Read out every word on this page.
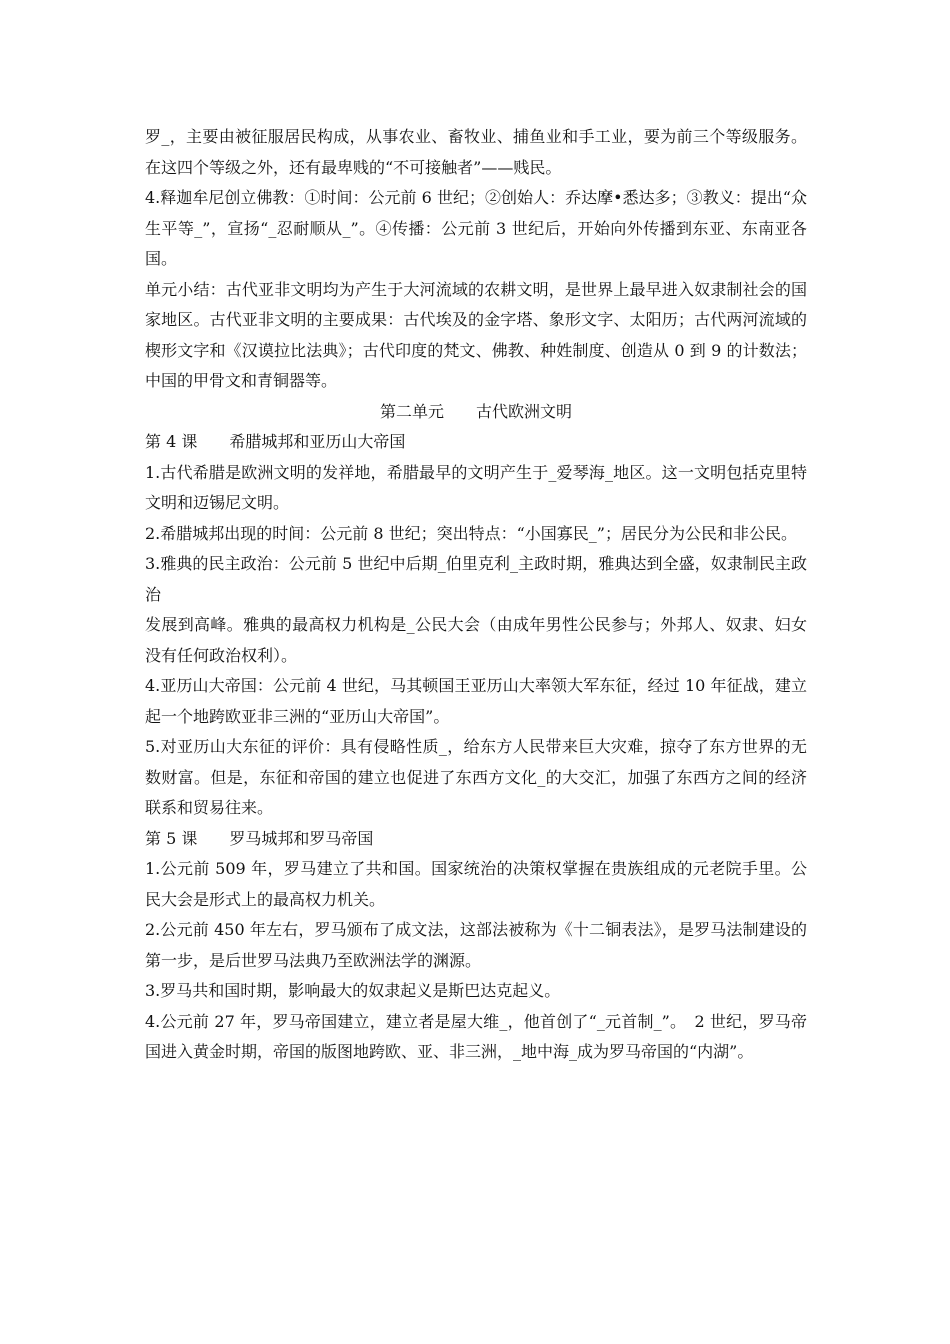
罗_，主要由被征服居民构成，从事农业、畜牧业、捕鱼业和手工业，要为前三个等级服务。在这四个等级之外，还有最卑贱的“不可接触者”——贱民。

4.释迦牟尼创立佛教：①时间：公元前 6 世纪；②创始人：乔达摩•悉达多；③教义：提出“众生平等_”，宣扬“_忍耐顺从_”。④传播：公元前 3 世纪后，开始向外传播到东亚、东南亚各国。

单元小结：古代亚非文明均为产生于大河流域的农耕文明，是世界上最早进入奴隶制社会的国家地区。古代亚非文明的主要成果：古代埃及的金字塔、象形文字、太阳历；古代两河流域的楔形文字和《汉谟拉比法典》；古代印度的梵文、佛教、种姓制度、创造从 0 到 9 的计数法；中国的甲骨文和青铜器等。

第二单元　　古代欧洲文明

第 4 课　　希腊城邦和亚历山大帝国

1.古代希腊是欧洲文明的发祥地，希腊最早的文明产生于_爱琴海_地区。这一文明包括克里特文明和迈锡尼文明。

2.希腊城邦出现的时间：公元前 8 世纪；突出特点：“小国寡民_”；居民分为公民和非公民。

3.雅典的民主政治：公元前 5 世纪中后期_伯里克利_主政时期，雅典达到全盛，奴隶制民主政治

发展到高峰。雅典的最高权力机构是_公民大会（由成年男性公民参与；外邦人、奴隶、妇女没有任何政治权利）。

4.亚历山大帝国：公元前 4 世纪，马其顿国王亚历山大率领大军东征，经过 10 年征战，建立起一个地跨欧亚非三洲的“亚历山大帝国”。

5.对亚历山大东征的评价：具有侵略性质_，给东方人民带来巨大灾难，掠夺了东方世界的无数财富。但是，东征和帝国的建立也促进了东西方文化_的大交汇，加强了东西方之间的经济联系和贸易往来。

第 5 课　　罗马城邦和罗马帝国

1.公元前 509 年，罗马建立了共和国。国家统治的决策权掌握在贵族组成的元老院手里。公民大会是形式上的最高权力机关。

2.公元前 450 年左右，罗马颁布了成文法，这部法被称为《十二铜表法》，是罗马法制建设的第一步，是后世罗马法典乃至欧洲法学的渊源。

3.罗马共和国时期，影响最大的奴隶起义是斯巴达克起义。

4.公元前 27 年，罗马帝国建立，建立者是屋大维_，他首创了“_元首制_”。　2 世纪，罗马帝国进入黄金时期，帝国的版图地跨欧、亚、非三洲，_地中海_成为罗马帝国的“内湖”。
